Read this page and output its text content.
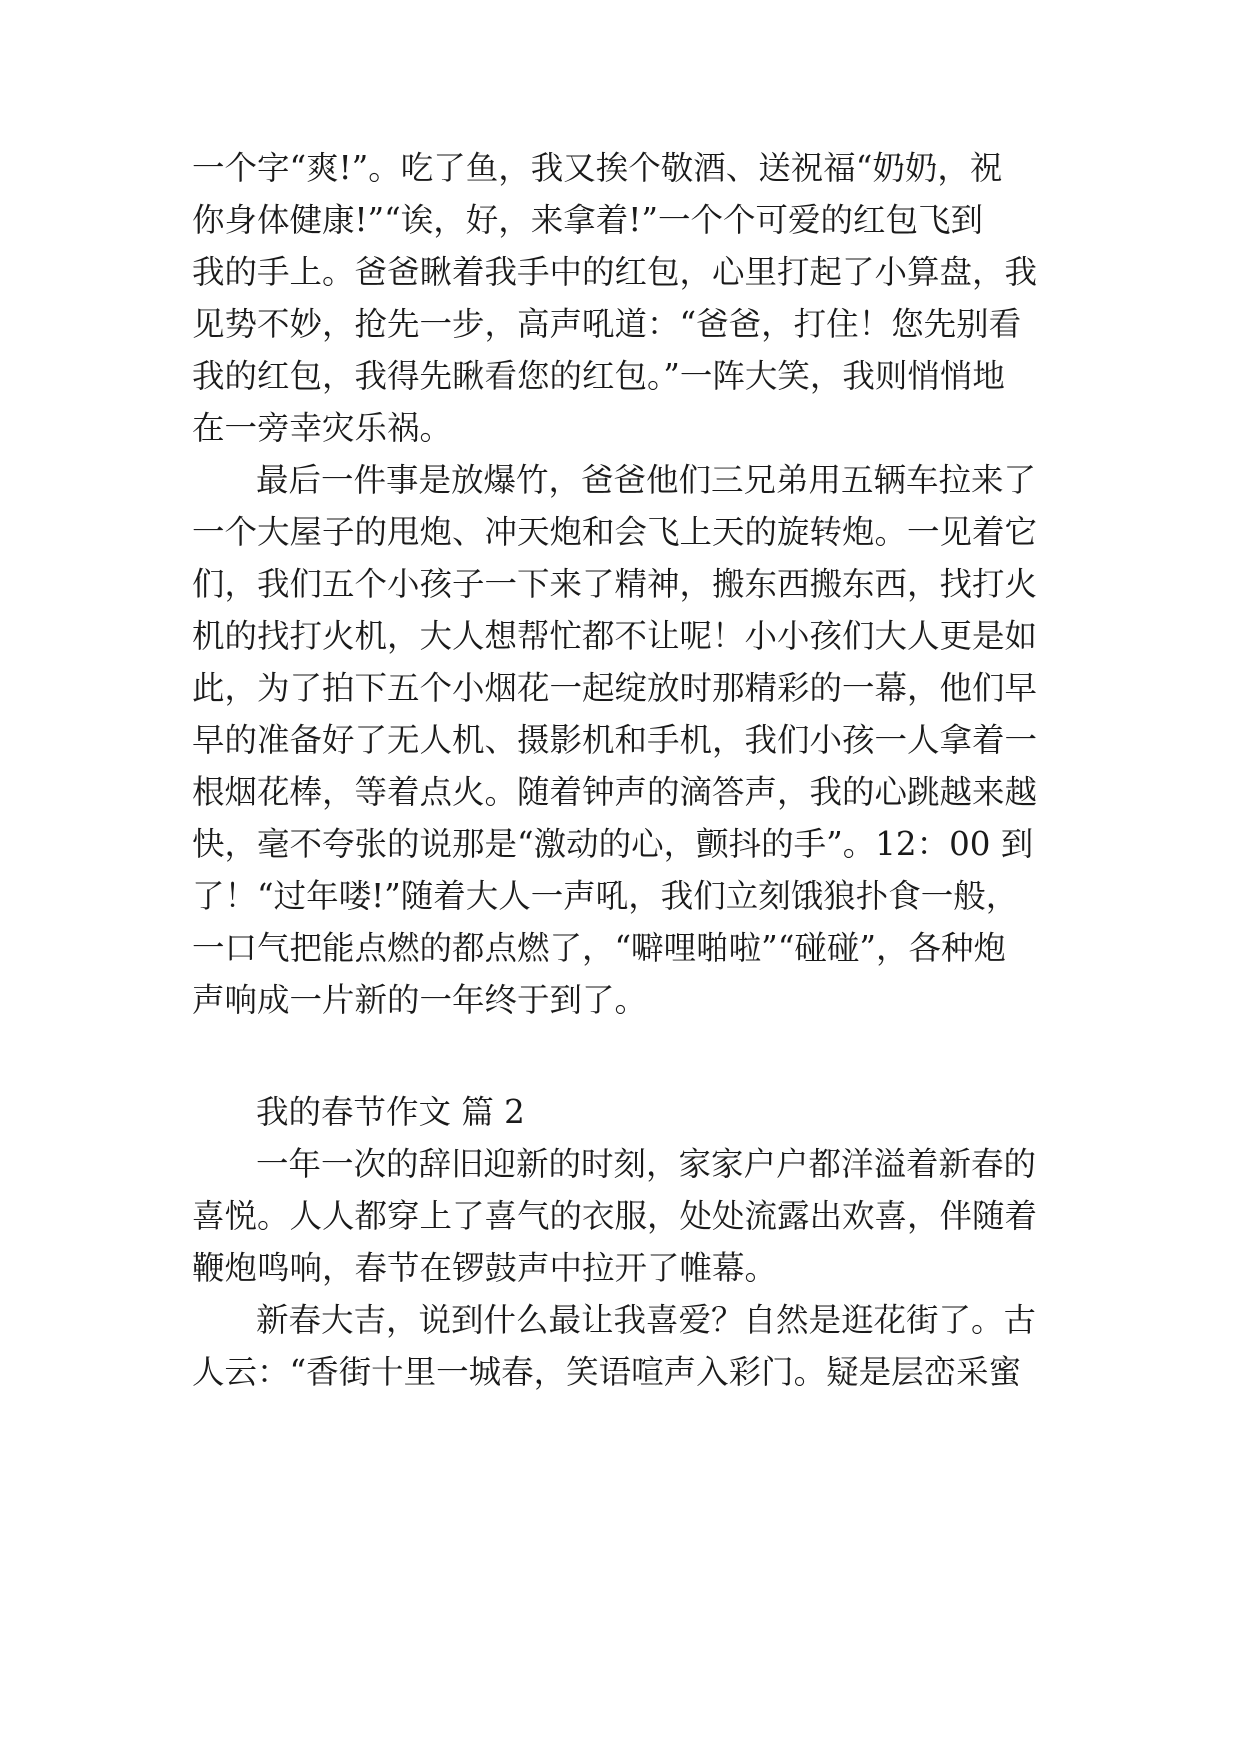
一个字“爽!”。吃了鱼，我又挨个敬酒、送祝福“奶奶，祝
你身体健康!”“诶，好，来拿着!”一个个可爱的红包飞到
我的手上。爸爸瞅着我手中的红包，心里打起了小算盘，我
见势不妙，抢先一步，高声吼道：“爸爸，打住！您先别看
我的红包，我得先瞅看您的红包。”一阵大笑，我则悄悄地
在一旁幸灾乐祸。
最后一件事是放爆竹，爸爸他们三兄弟用五辆车拉来了
一个大屋子的甩炮、冲天炮和会飞上天的旋转炮。一见着它
们，我们五个小孩子一下来了精神，搬东西搬东西，找打火
机的找打火机，大人想帮忙都不让呢！小小孩们大人更是如
此，为了拍下五个小烟花一起绽放时那精彩的一幕，他们早
早的准备好了无人机、摄影机和手机，我们小孩一人拿着一
根烟花棒，等着点火。随着钟声的滴答声，我的心跳越来越
快，毫不夸张的说那是“激动的心，颤抖的手”。12：00 到
了！“过年喽!”随着大人一声吼，我们立刻饿狼扑食一般，
一口气把能点燃的都点燃了，“噼哩啪啦”“碰碰”，各种炮
声响成一片新的一年终于到了。
我的春节作文 篇 2
一年一次的辞旧迎新的时刻，家家户户都洋溢着新春的
喜悦。人人都穿上了喜气的衣服，处处流露出欢喜，伴随着
鞭炮鸣响，春节在锣鼓声中拉开了帷幕。
新春大吉，说到什么最让我喜爱？自然是逛花街了。古
人云：“香街十里一城春，笑语喧声入彩门。疑是层峦采蜜
